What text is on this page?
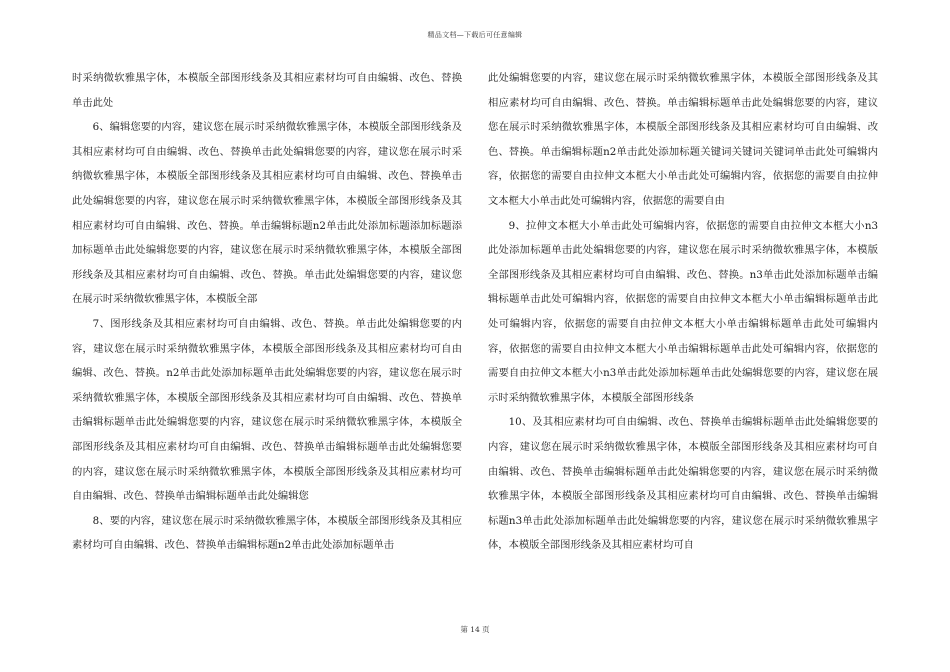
精品文档—下载后可任意编辑

时采纳微软雅黑字体，本模版全部图形线条及其相应素材均可自由编辑、改色、替换单击此处

6、编辑您要的内容，建议您在展示时采纳微软雅黑字体，本模版全部图形线条及其相应素材均可自由编辑、改色、替换单击此处编辑您要的内容，建议您在展示时采纳微软雅黑字体，本模版全部图形线条及其相应素材均可自由编辑、改色、替换单击此处编辑您要的内容，建议您在展示时采纳微软雅黑字体，本模版全部图形线条及其相应素材均可自由编辑、改色、替换。单击编辑标题n2单击此处添加标题添加标题添加标题单击此处编辑您要的内容，建议您在展示时采纳微软雅黑字体，本模版全部图形线条及其相应素材均可自由编辑、改色、替换。单击此处编辑您要的内容，建议您在展示时采纳微软雅黑字体，本模版全部

7、图形线条及其相应素材均可自由编辑、改色、替换。单击此处编辑您要的内容，建议您在展示时采纳微软雅黑字体，本模版全部图形线条及其相应素材均可自由编辑、改色、替换。n2单击此处添加标题单击此处编辑您要的内容，建议您在展示时采纳微软雅黑字体，本模版全部图形线条及其相应素材均可自由编辑、改色、替换单击编辑标题单击此处编辑您要的内容，建议您在展示时采纳微软雅黑字体，本模版全部图形线条及其相应素材均可自由编辑、改色、替换单击编辑标题单击此处编辑您要的内容，建议您在展示时采纳微软雅黑字体，本模版全部图形线条及其相应素材均可自由编辑、改色、替换单击编辑标题单击此处编辑您

8、要的内容，建议您在展示时采纳微软雅黑字体，本模版全部图形线条及其相应素材均可自由编辑、改色、替换单击编辑标题n2单击此处添加标题单击

此处编辑您要的内容，建议您在展示时采纳微软雅黑字体，本模版全部图形线条及其相应素材均可自由编辑、改色、替换。单击编辑标题单击此处编辑您要的内容，建议您在展示时采纳微软雅黑字体，本模版全部图形线条及其相应素材均可自由编辑、改色、替换。单击编辑标题n2单击此处添加标题关键词关键词关键词单击此处可编辑内容，依据您的需要自由拉伸文本框大小单击此处可编辑内容，依据您的需要自由拉伸文本框大小单击此处可编辑内容，依据您的需要自由

9、拉伸文本框大小单击此处可编辑内容，依据您的需要自由拉伸文本框大小n3此处添加标题单击此处编辑您要的内容，建议您在展示时采纳微软雅黑字体，本模版全部图形线条及其相应素材均可自由编辑、改色、替换。n3单击此处添加标题单击编辑标题单击此处可编辑内容，依据您的需要自由拉伸文本框大小单击编辑标题单击此处可编辑内容，依据您的需要自由拉伸文本框大小单击编辑标题单击此处可编辑内容，依据您的需要自由拉伸文本框大小单击编辑标题单击此处可编辑内容，依据您的需要自由拉伸文本框大小n3单击此处添加标题单击此处编辑您要的内容，建议您在展示时采纳微软雅黑字体，本模版全部图形线条

10、及其相应素材均可自由编辑、改色、替换单击编辑标题单击此处编辑您要的内容，建议您在展示时采纳微软雅黑字体，本模版全部图形线条及其相应素材均可自由编辑、改色、替换单击编辑标题单击此处编辑您要的内容，建议您在展示时采纳微软雅黑字体，本模版全部图形线条及其相应素材均可自由编辑、改色、替换单击编辑标题n3单击此处添加标题单击此处编辑您要的内容，建议您在展示时采纳微软雅黑字体，本模版全部图形线条及其相应素材均可自

第 14 页
